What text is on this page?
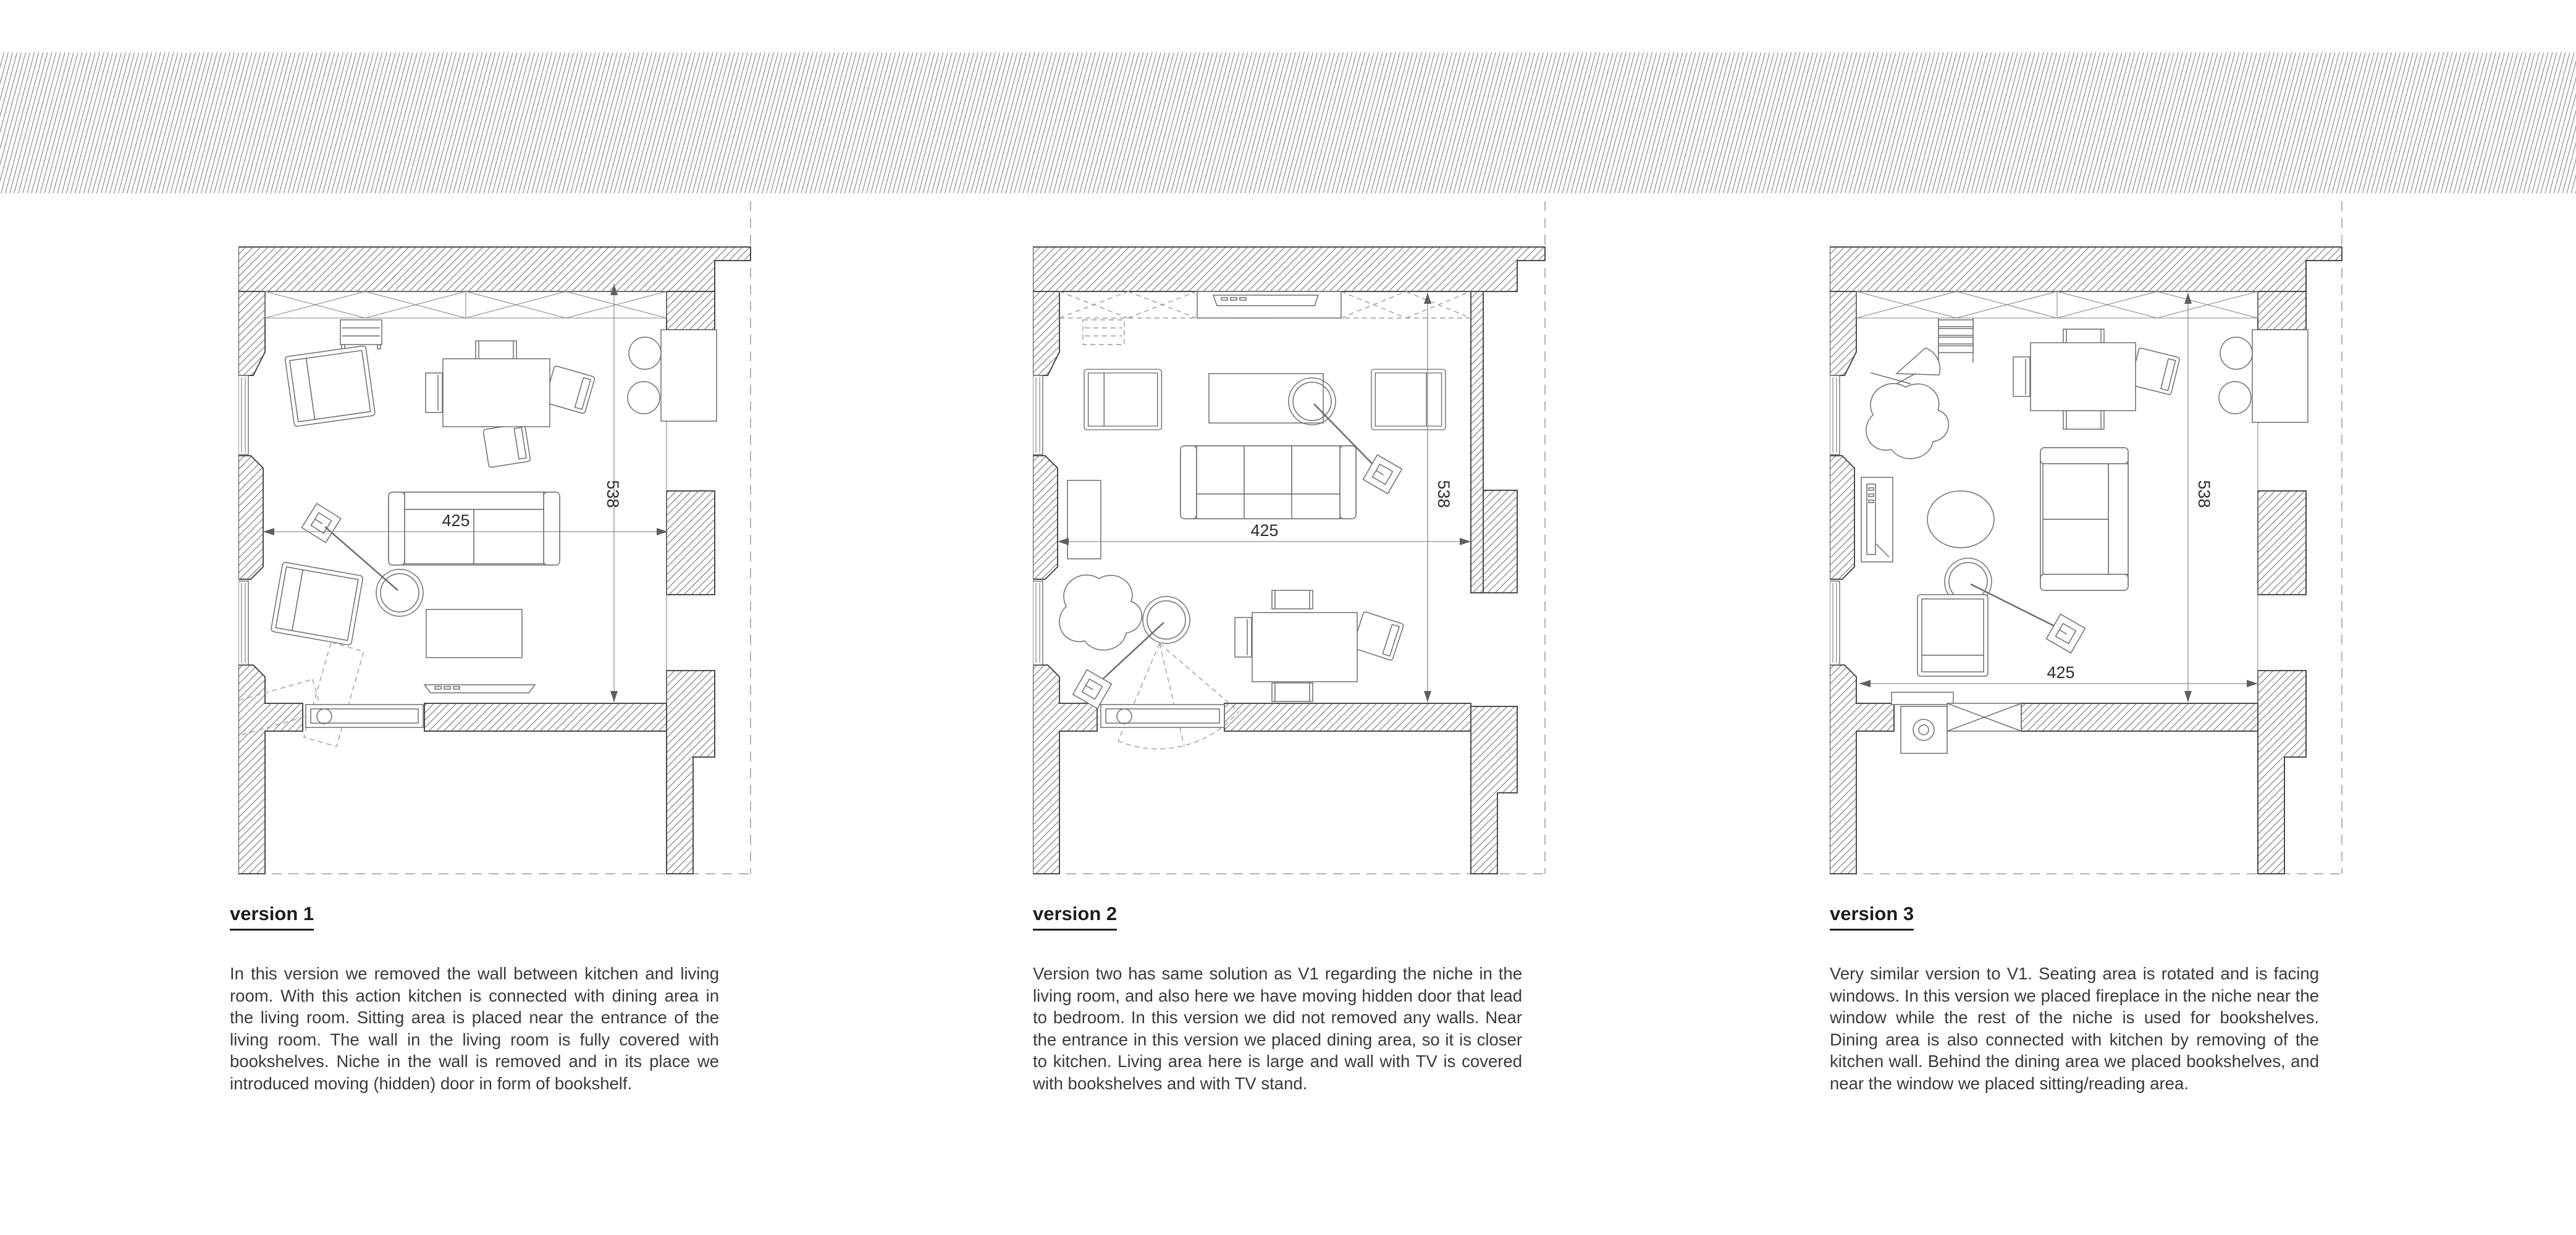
425
538
425
538
425
538
version 1

In this version we removed the wall between kitchen and living room. With this action kitchen is connected with dining area in the living room. Sitting area is placed near the entrance of the living room. The wall in the living room is fully covered with bookshelves. Niche in the wall is removed and in its place we introduced moving (hidden) door in form of bookshelf.

version 2

Version two has same solution as V1 regarding the niche in the living room, and also here we have moving hidden door that lead to bedroom. In this version we did not removed any walls. Near the entrance in this version we placed dining area, so it is closer to kitchen. Living area here is large and wall with TV is covered with bookshelves and with TV stand.

version 3

Very similar version to V1. Seating area is rotated and is facing windows. In this version we placed fireplace in the niche near the window while the rest of the niche is used for bookshelves. Dining area is also connected with kitchen by removing of the kitchen wall. Behind the dining area we placed bookshelves, and near the window we placed sitting/reading area.
